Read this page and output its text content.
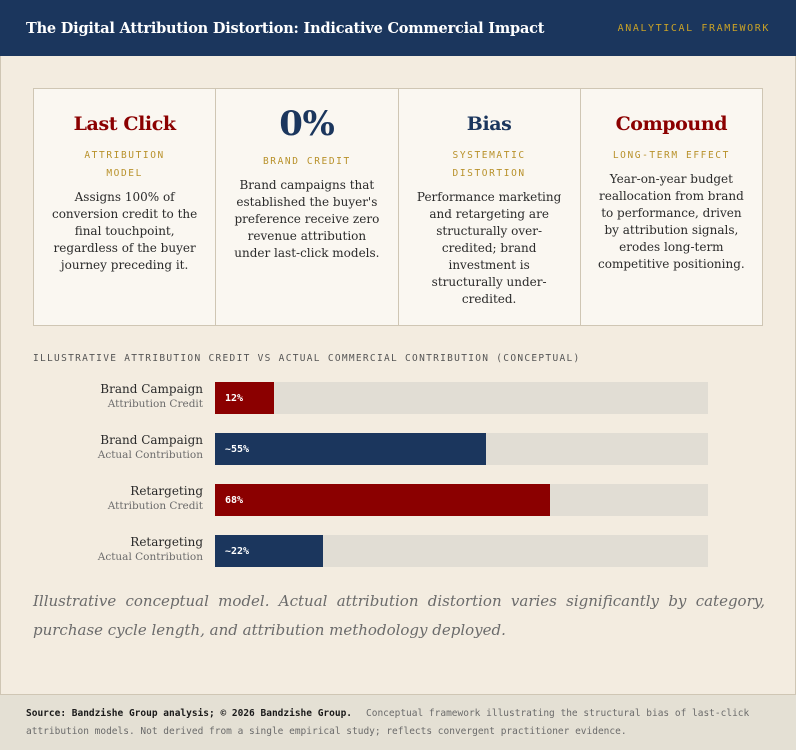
The Digital Attribution Distortion: Indicative Commercial Impact	ANALYTICAL FRAMEWORK
Last Click
ATTRIBUTION MODEL
Assigns 100% of conversion credit to the final touchpoint, regardless of the buyer journey preceding it.
0%
BRAND CREDIT
Brand campaigns that established the buyer's preference receive zero revenue attribution under last-click models.
Bias
SYSTEMATIC DISTORTION
Performance marketing and retargeting are structurally over-credited; brand investment is structurally under-credited.
Compound
LONG-TERM EFFECT
Year-on-year budget reallocation from brand to performance, driven by attribution signals, erodes long-term competitive positioning.
ILLUSTRATIVE ATTRIBUTION CREDIT VS ACTUAL COMMERCIAL CONTRIBUTION (CONCEPTUAL)
Brand Campaign
Attribution Credit 12%
Brand Campaign
Actual Contribution ~55%
Retargeting
Attribution Credit 68%
Retargeting
Actual Contribution ~22%
Illustrative conceptual model. Actual attribution distortion varies significantly by category, purchase cycle length, and attribution methodology deployed.
Source: Bandzishe Group analysis; © 2026 Bandzishe Group. Conceptual framework illustrating the structural bias of last-click attribution models. Not derived from a single empirical study; reflects convergent practitioner evidence.
